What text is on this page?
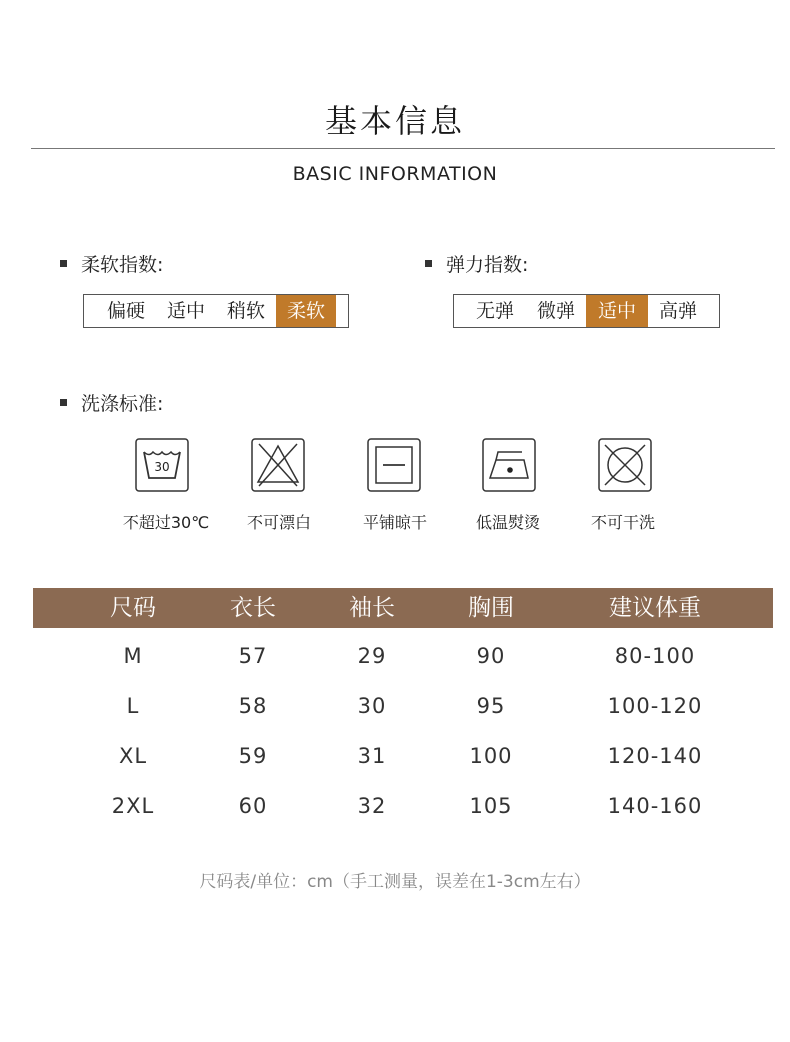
基本信息
BASIC INFORMATION
柔软指数:
偏硬	适中	稍软	柔软
弹力指数:
无弹	微弹	适中	高弹
洗涤标准:
30
不超过30℃	不可漂白	平铺晾干	低温熨烫	不可干洗
尺码	衣长	袖长	胸围	建议体重
M	57	29	90	80-100
L	58	30	95	100-120
XL	59	31	100	120-140
2XL	60	32	105	140-160
尺码表/单位：cm（手工测量，误差在1-3cm左右）
